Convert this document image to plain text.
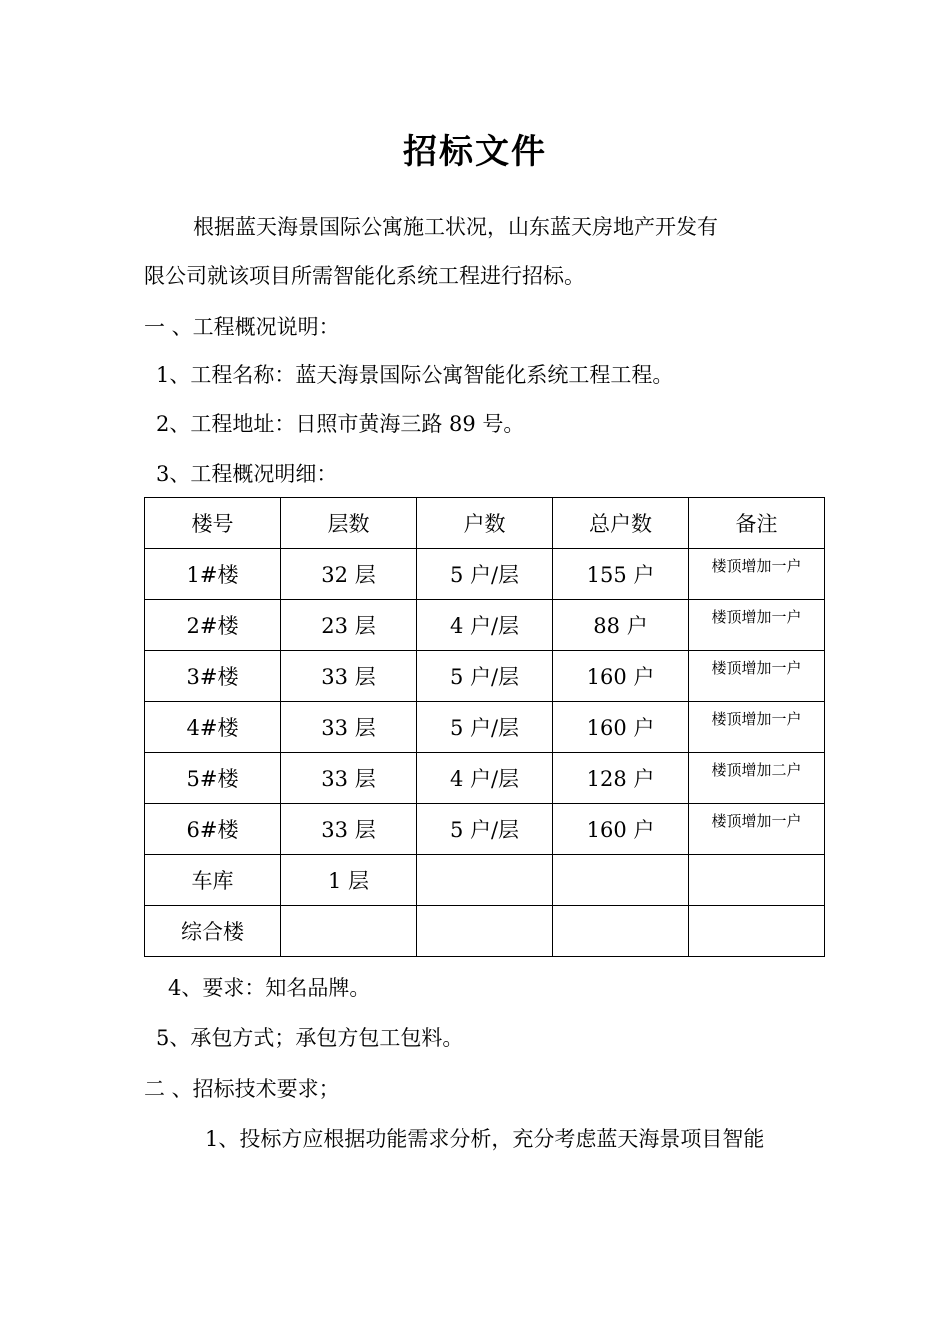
招标文件
根据蓝天海景国际公寓施工状况，山东蓝天房地产开发有
限公司就该项目所需智能化系统工程进行招标。
一 、工程概况说明：
1、工程名称：蓝天海景国际公寓智能化系统工程工程。
2、工程地址：日照市黄海三路 89 号。
3、工程概况明细：
楼号	层数	户数	总户数	备注
1#楼	32 层	5 户/层	155 户	楼顶增加一户
2#楼	23 层	4 户/层	88 户	楼顶增加一户
3#楼	33 层	5 户/层	160 户	楼顶增加一户
4#楼	33 层	5 户/层	160 户	楼顶增加一户
5#楼	33 层	4 户/层	128 户	楼顶增加二户
6#楼	33 层	5 户/层	160 户	楼顶增加一户
车库	1 层			
综合楼				
4、要求：知名品牌。
5、承包方式；承包方包工包料。
二 、招标技术要求；
1、投标方应根据功能需求分析，充分考虑蓝天海景项目智能
